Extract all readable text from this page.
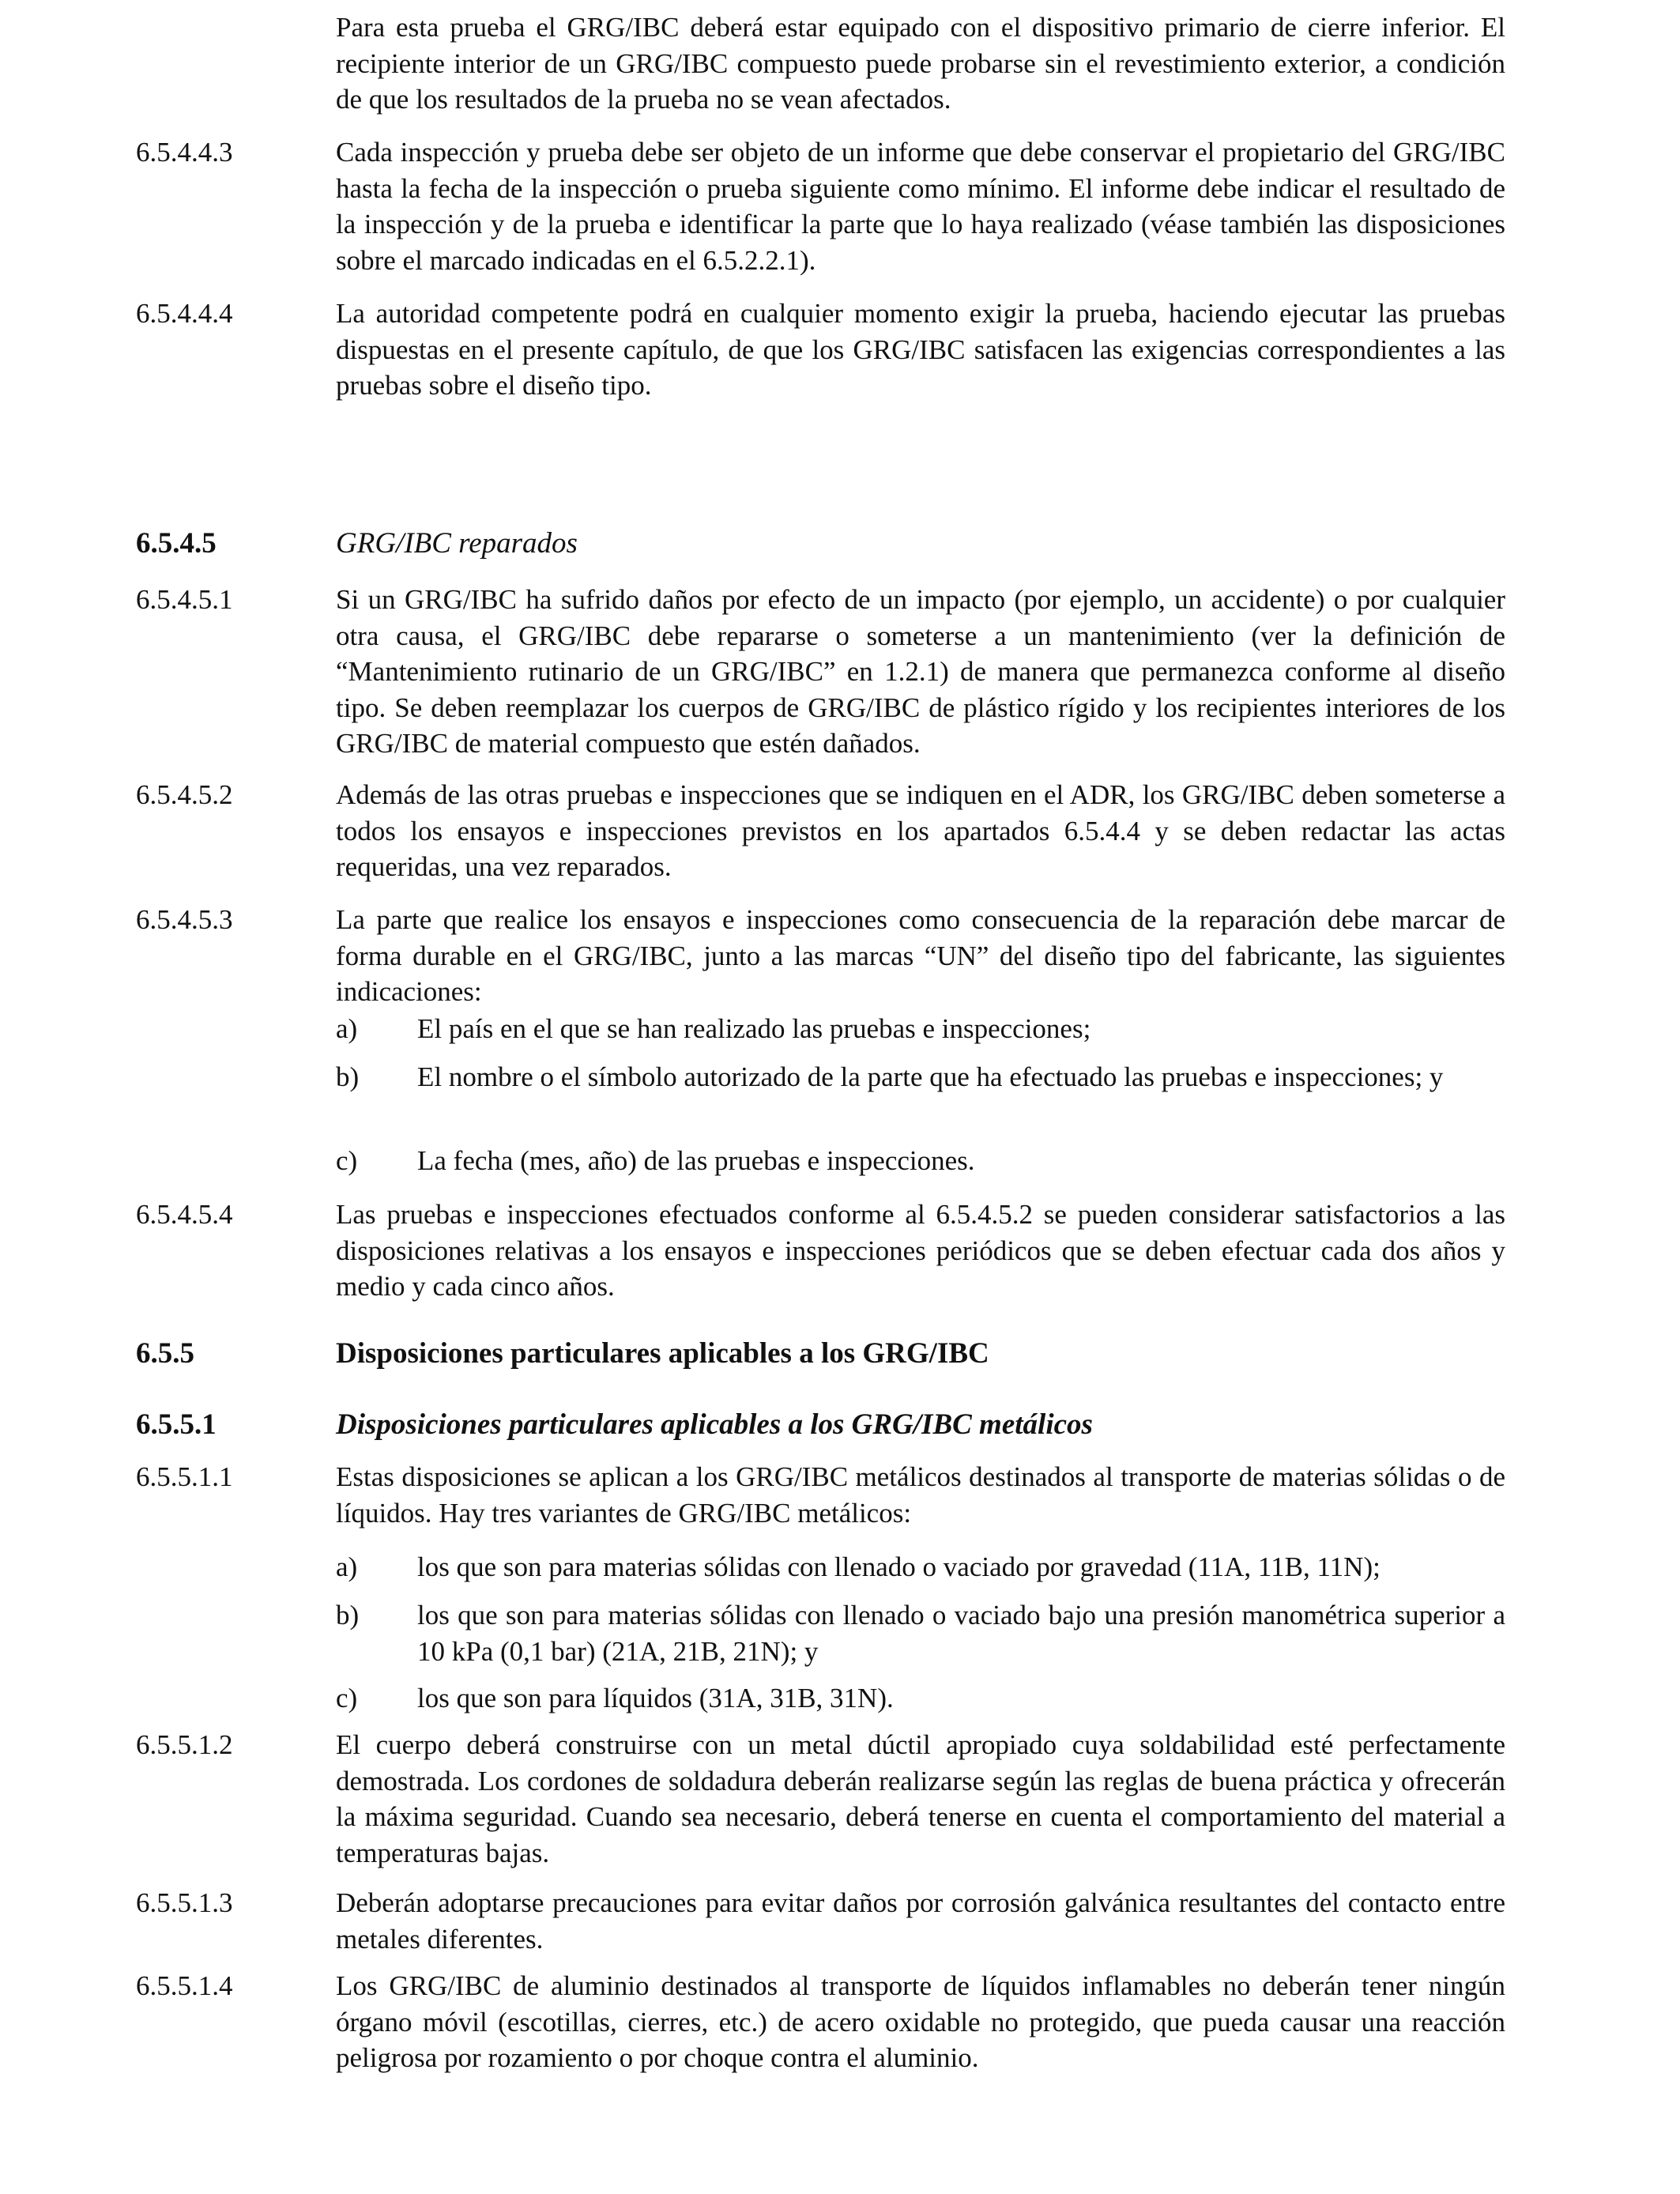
Para esta prueba el GRG/IBC deberá estar equipado con el dispositivo primario de cierre inferior. El recipiente interior de un GRG/IBC compuesto puede probarse sin el revestimiento exterior, a condición de que los resultados de la prueba no se vean afectados.
6.5.4.4.3	Cada inspección y prueba debe ser objeto de un informe que debe conservar el propietario del GRG/IBC hasta la fecha de la inspección o prueba siguiente como mínimo. El informe debe indicar el resultado de la inspección y de la prueba e identificar la parte que lo haya realizado (véase también las disposiciones sobre el marcado indicadas en el 6.5.2.2.1).
6.5.4.4.4	La autoridad competente podrá en cualquier momento exigir la prueba, haciendo ejecutar las pruebas dispuestas en el presente capítulo, de que los GRG/IBC satisfacen las exigencias correspondientes a las pruebas sobre el diseño tipo.
6.5.4.5	GRG/IBC reparados
6.5.4.5.1	Si un GRG/IBC ha sufrido daños por efecto de un impacto (por ejemplo, un accidente) o por cualquier otra causa, el GRG/IBC debe repararse o someterse a un mantenimiento (ver la definición de “Mantenimiento rutinario de un GRG/IBC” en 1.2.1) de manera que permanezca conforme al diseño tipo. Se deben reemplazar los cuerpos de GRG/IBC de plástico rígido y los recipientes interiores de los GRG/IBC de material compuesto que estén dañados.
6.5.4.5.2	Además de las otras pruebas e inspecciones que se indiquen en el ADR, los GRG/IBC deben someterse a todos los ensayos e inspecciones previstos en los apartados 6.5.4.4 y se deben redactar las actas requeridas, una vez reparados.
6.5.4.5.3	La parte que realice los ensayos e inspecciones como consecuencia de la reparación debe marcar de forma durable en el GRG/IBC, junto a las marcas “UN” del diseño tipo del fabricante, las siguientes indicaciones:
a) El país en el que se han realizado las pruebas e inspecciones;
b) El nombre o el símbolo autorizado de la parte que ha efectuado las pruebas e inspecciones; y
c) La fecha (mes, año) de las pruebas e inspecciones.
6.5.4.5.4	Las pruebas e inspecciones efectuados conforme al 6.5.4.5.2 se pueden considerar satisfactorios a las disposiciones relativas a los ensayos e inspecciones periódicos que se deben efectuar cada dos años y medio y cada cinco años.
6.5.5	Disposiciones particulares aplicables a los GRG/IBC
6.5.5.1	Disposiciones particulares aplicables a los GRG/IBC metálicos
6.5.5.1.1	Estas disposiciones se aplican a los GRG/IBC metálicos destinados al transporte de materias sólidas o de líquidos. Hay tres variantes de GRG/IBC metálicos:
a) los que son para materias sólidas con llenado o vaciado por gravedad (11A, 11B, 11N);
b) los que son para materias sólidas con llenado o vaciado bajo una presión manométrica superior a 10 kPa (0,1 bar) (21A, 21B, 21N); y
c) los que son para líquidos (31A, 31B, 31N).
6.5.5.1.2	El cuerpo deberá construirse con un metal dúctil apropiado cuya soldabilidad esté perfectamente demostrada. Los cordones de soldadura deberán realizarse según las reglas de buena práctica y ofrecerán la máxima seguridad. Cuando sea necesario, deberá tenerse en cuenta el comportamiento del material a temperaturas bajas.
6.5.5.1.3	Deberán adoptarse precauciones para evitar daños por corrosión galvánica resultantes del contacto entre metales diferentes.
6.5.5.1.4	Los GRG/IBC de aluminio destinados al transporte de líquidos inflamables no deberán tener ningún órgano móvil (escotillas, cierres, etc.) de acero oxidable no protegido, que pueda causar una reacción peligrosa por rozamiento o por choque contra el aluminio.
